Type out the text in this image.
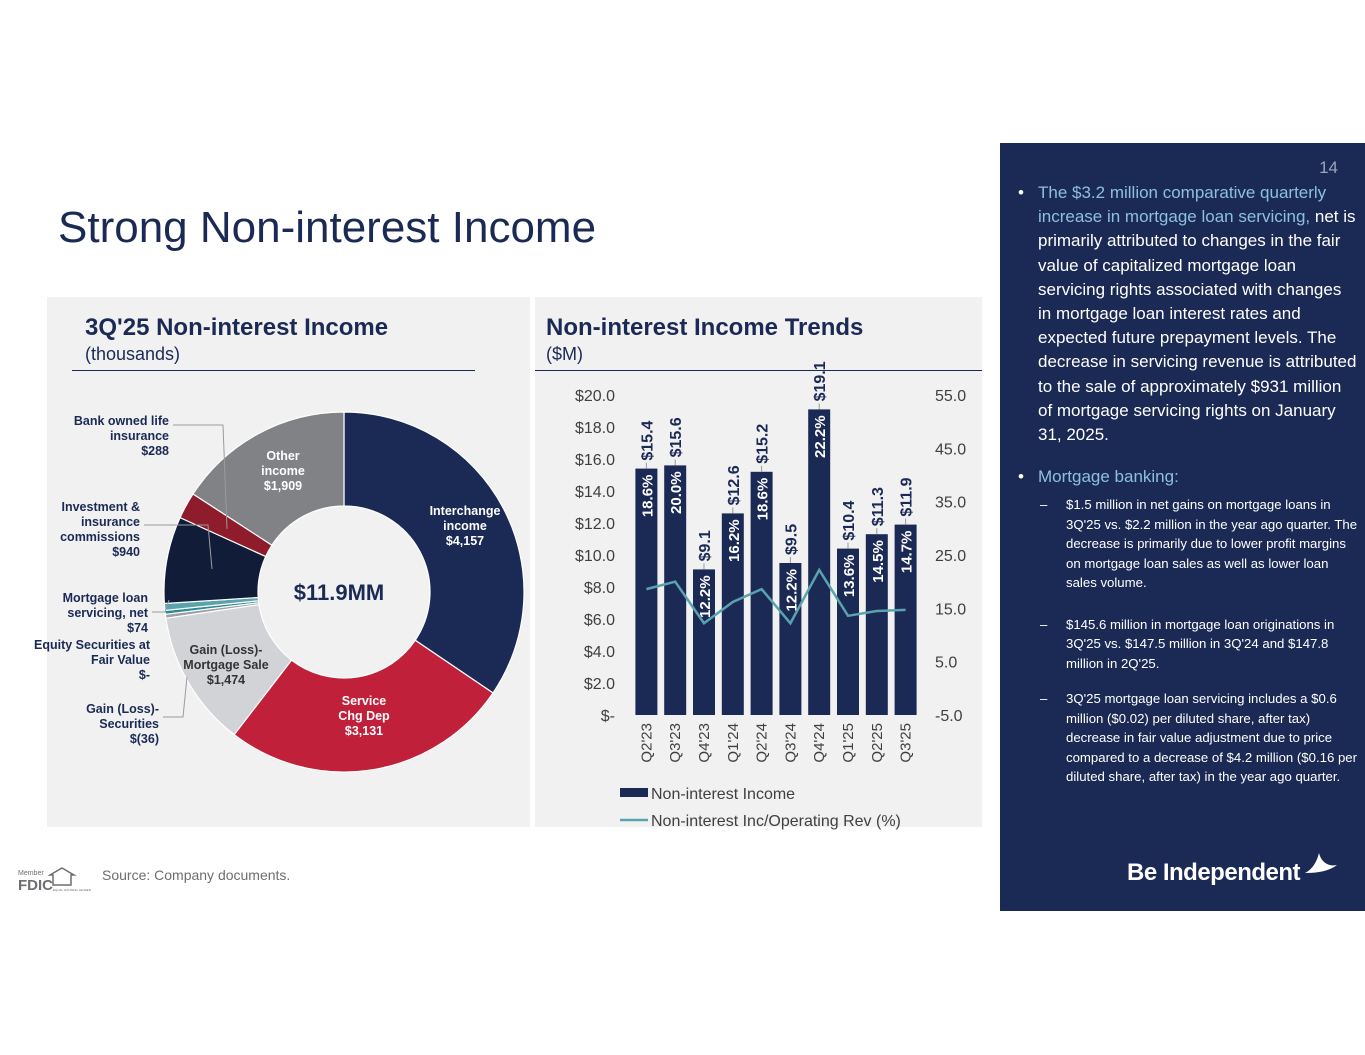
Strong Non-interest Income
3Q'25 Non-interest Income
(thousands)
$11.9MM
Interchange income $4,157
Service Chg Dep $3,131
Gain (Loss)-Mortgage Sale $1,474
Other income $1,909
Bank owned life insurance $288
Investment & insurance commissions $940
Mortgage loan servicing, net $74
Equity Securities at Fair Value $-
Gain (Loss)-Securities $(36)
Non-interest Income Trends
($M)
$20.0
$18.0
$16.0
$14.0
$12.0
$10.0
$8.0
$6.0
$4.0
$2.0
$-
55.0
45.0
35.0
25.0
15.0
5.0
-5.0
$15.4
18.6%
Q2'23
$15.6
20.0%
Q3'23
$9.1
12.2%
Q4'23
$12.6
16.2%
Q1'24
$15.2
18.6%
Q2'24
$9.5
12.2%
Q3'24
$19.1
22.2%
Q4'24
$10.4
13.6%
Q1'25
$11.3
14.5%
Q2'25
$11.9
14.7%
Q3'25
Non-interest Income
Non-interest Inc/Operating Rev (%)
14
• The $3.2 million comparative quarterly increase in mortgage loan servicing, net is primarily attributed to changes in the fair value of capitalized mortgage loan servicing rights associated with changes in mortgage loan interest rates and expected future prepayment levels. The decrease in servicing revenue is attributed to the sale of approximately $931 million of mortgage servicing rights on January 31, 2025.
• Mortgage banking:
– $1.5 million in net gains on mortgage loans in 3Q'25 vs. $2.2 million in the year ago quarter. The decrease is primarily due to lower profit margins on mortgage loan sales as well as lower loan sales volume.
– $145.6 million in mortgage loan originations in 3Q'25 vs. $147.5 million in 3Q'24 and $147.8 million in 2Q'25.
– 3Q'25 mortgage loan servicing includes a $0.6 million ($0.02) per diluted share, after tax) decrease in fair value adjustment due to price compared to a decrease of $4.2 million ($0.16 per diluted share, after tax) in the year ago quarter.
Be Independent
Member
FDIC EQUAL HOUSING LENDER
Source: Company documents.
